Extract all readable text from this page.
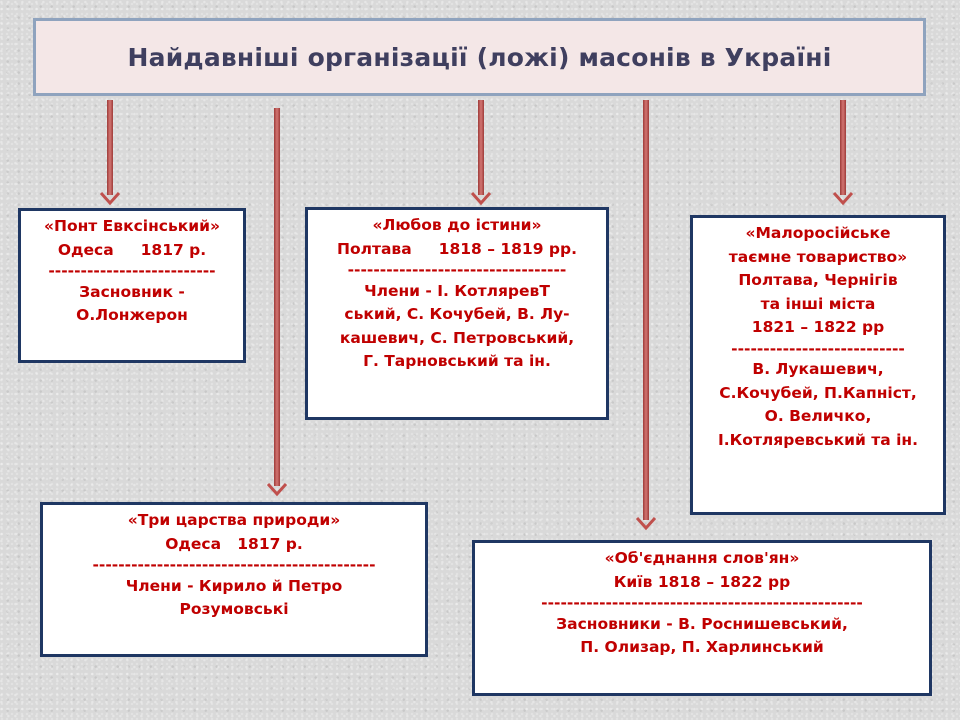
Найдавніші організації (ложі) масонів в Україні
«Понт Евксінський»
Одеса     1817 р.
--------------------------
Засновник -
О.Лонжерон
«Любов до істини»
Полтава     1818 – 1819 рр.
----------------------------------
Члени - І. КотляревТ
ський, С. Кочубей, В. Лу-
кашевич, С. Петровський,
Г. Тарновський та ін.
«Малоросійське
таємне товариство»
Полтава, Чернігів
та інші міста
1821 – 1822 рр
---------------------------
В. Лукашевич,
С.Кочубей, П.Капніст,
О. Величко,
І.Котляревський та ін.
«Три царства природи»
Одеса   1817 р.
--------------------------------------------
Члени - Кирило й Петро
Розумовські
«Об'єднання слов'ян»
Київ 1818 – 1822 рр
--------------------------------------------------
Засновники - В. Роснишевський,
П. Олизар, П. Харлинський
